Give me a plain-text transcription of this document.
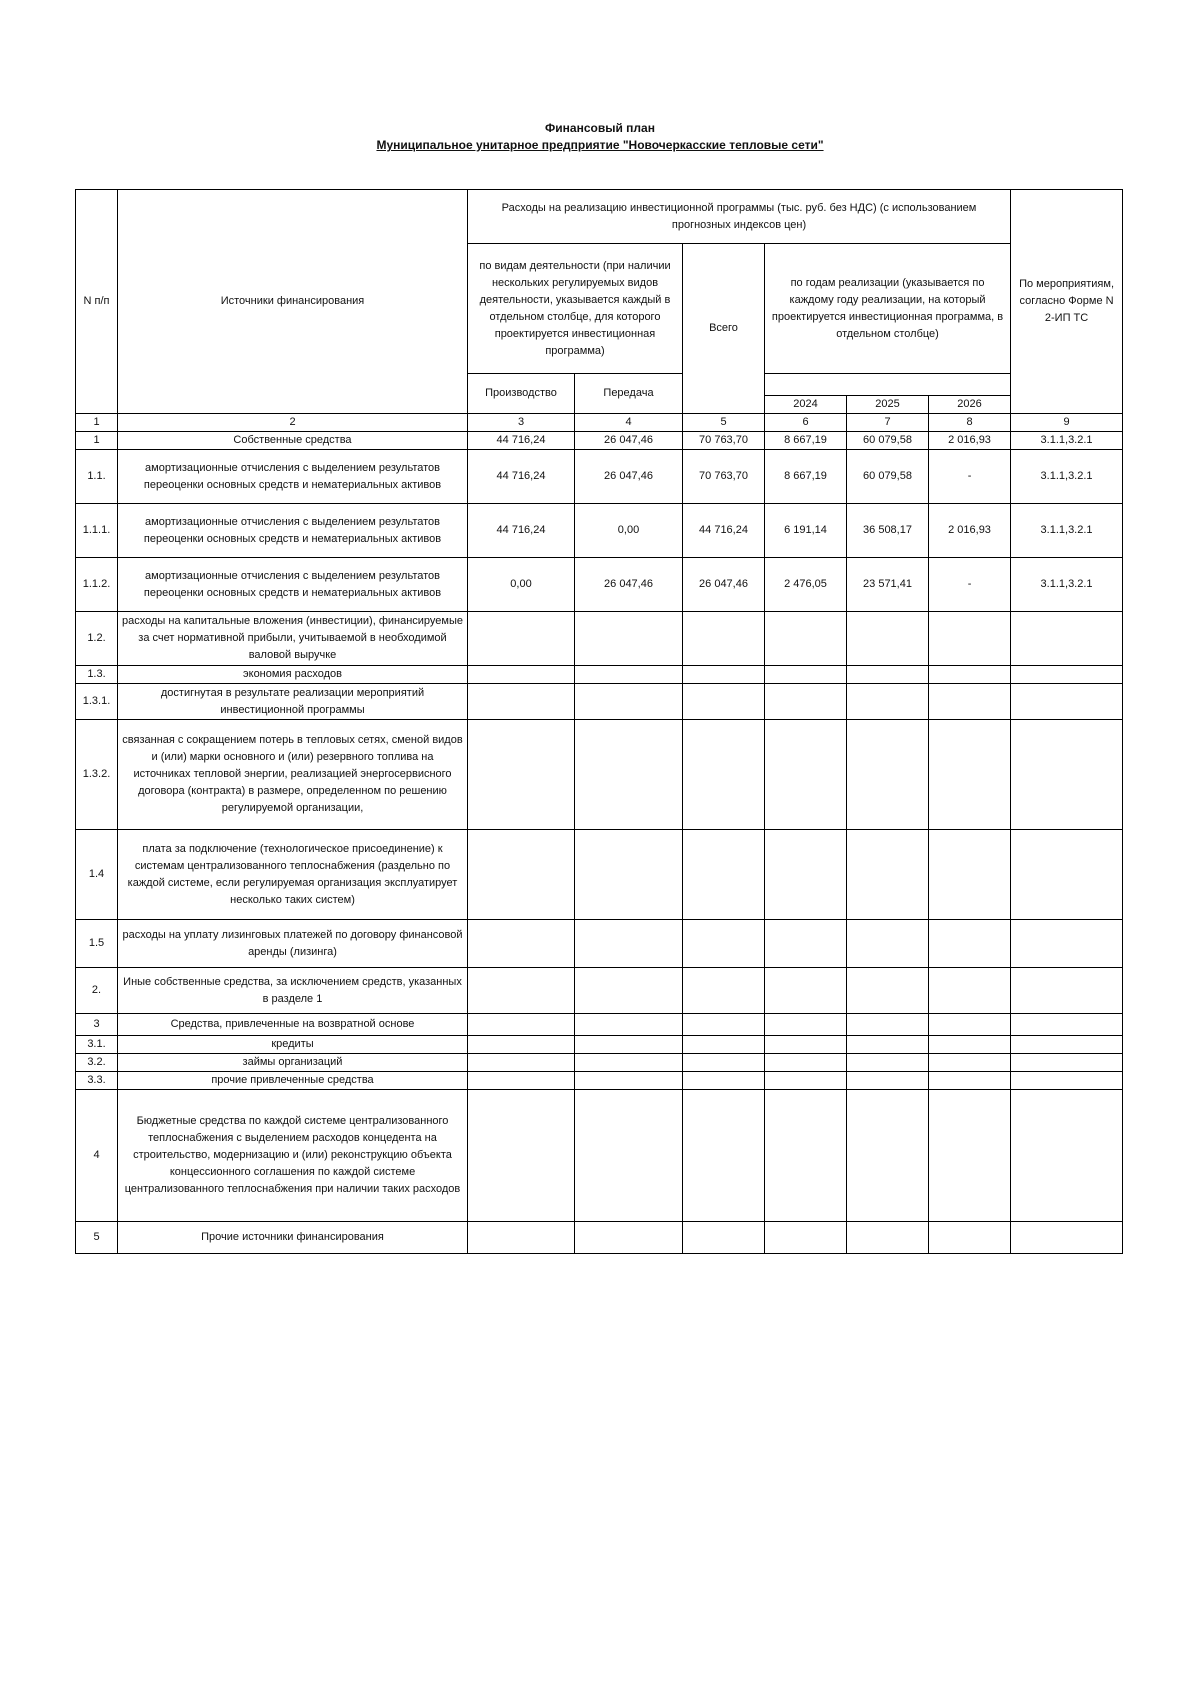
Финансовый план
Муниципальное унитарное предприятие "Новочеркасские тепловые сети"
N п/п	Источники финансирования	Расходы на реализацию инвестиционной программы (тыс. руб. без НДС) (с использованием прогнозных индексов цен)						По мероприятиям, согласно Форме N 2-ИП ТС
		по видам деятельности (при наличии нескольких регулируемых видов деятельности, указывается каждый в отдельном столбце, для которого проектируется инвестиционная программа)		Всего	по годам реализации (указывается по каждому году реализации, на который проектируется инвестиционная программа, в отдельном столбце)			
		Производство	Передача					
					2024	2025	2026	

1	2	3	4	5	6	7	8	9
1	Собственные средства	44 716,24	26 047,46	70 763,70	8 667,19	60 079,58	2 016,93	3.1.1,3.2.1
1.1.	амортизационные отчисления с выделением результатов переоценки основных средств и нематериальных активов	44 716,24	26 047,46	70 763,70	8 667,19	60 079,58	-	3.1.1,3.2.1
1.1.1.	амортизационные отчисления с выделением результатов переоценки основных средств и нематериальных активов	44 716,24	0,00	44 716,24	6 191,14	36 508,17	2 016,93	3.1.1,3.2.1
1.1.2.	амортизационные отчисления с выделением результатов переоценки основных средств и нематериальных активов	0,00	26 047,46	26 047,46	2 476,05	23 571,41	-	3.1.1,3.2.1
1.2.	расходы на капитальные вложения (инвестиции), финансируемые за счет нормативной прибыли, учитываемой в необходимой валовой выручке							
1.3.	экономия расходов							
1.3.1.	достигнутая в результате реализации мероприятий инвестиционной программы							
1.3.2.	связанная с сокращением потерь в тепловых сетях, сменой видов и (или) марки основного и (или) резервного топлива на источниках тепловой энергии, реализацией энергосервисного договора (контракта) в размере, определенном по решению регулируемой организации,							
1.4	плата за подключение (технологическое присоединение) к системам централизованного теплоснабжения (раздельно по каждой системе, если регулируемая организация эксплуатирует несколько таких систем)							
1.5	расходы на уплату лизинговых платежей по договору финансовой аренды (лизинга)							
2.	Иные собственные средства, за исключением средств, указанных в разделе 1							
3	Средства, привлеченные на возвратной основе							
3.1.	кредиты							
3.2.	займы организаций							
3.3.	прочие привлеченные средства							
4	Бюджетные средства по каждой системе централизованного теплоснабжения с выделением расходов концедента на строительство, модернизацию и (или) реконструкцию объекта концессионного соглашения по каждой системе централизованного теплоснабжения при наличии таких расходов							
5	Прочие источники финансирования							
